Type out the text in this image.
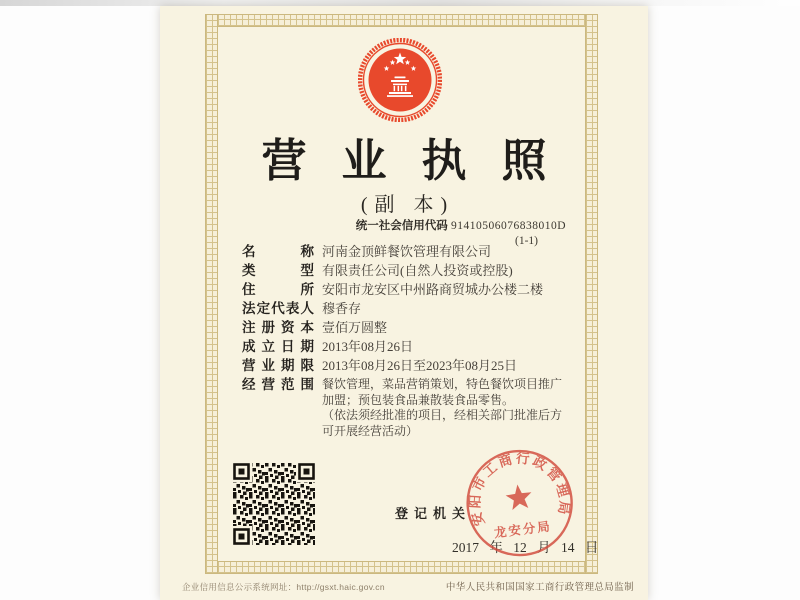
营业执照
(副 本)
统一社会信用代码 91410506076838010D
(1-1)
名称 河南金顶鲜餐饮管理有限公司
类型 有限责任公司(自然人投资或控股)
住所 安阳市龙安区中州路商贸城办公楼二楼
法定代表人 穆香存
注册资本 壹佰万圆整
成立日期 2013年08月26日
营业期限 2013年08月26日至2023年08月25日
经营范围 餐饮管理，菜品营销策划，特色餐饮项目推广加盟；预包装食品兼散装食品零售。
（依法须经批准的项目，经相关部门批准后方可开展经营活动）
登记机关
2017 年 12 月 14 日
安阳市工商行政管理局
龙安分局
企业信用信息公示系统网址：http://gsxt.haic.gov.cn	中华人民共和国国家工商行政管理总局监制
